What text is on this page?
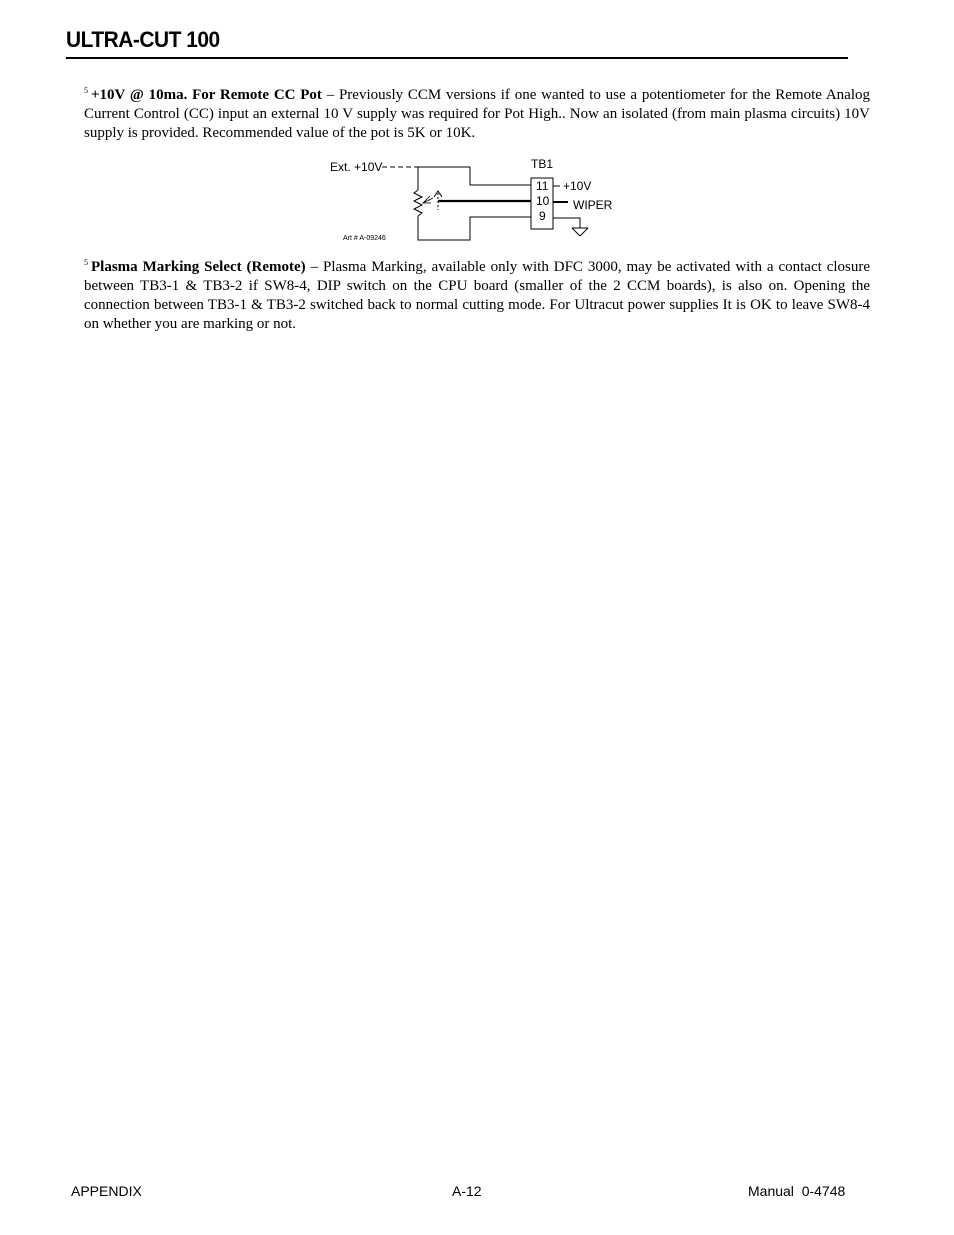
ULTRA-CUT 100

$^5$ +10V @ 10ma. For Remote CC Pot – Previously CCM versions if one wanted to use a potentiometer for the Remote Analog Current Control (CC) input an external 10 V supply was required for Pot High.. Now an isolated (from main plasma circuits) 10V supply is provided. Recommended value of the pot is 5K or 10K.

Ext. +10V	TB1
11
10
9
+10V
WIPER
Art # A-09246

$^5$ Plasma Marking Select (Remote) – Plasma Marking, available only with DFC 3000, may be activated with a contact closure between TB3-1 & TB3-2 if SW8-4, DIP switch on the CPU board (smaller of the 2 CCM boards), is also on. Opening the connection between TB3-1 & TB3-2 switched back to normal cutting mode. For Ultracut power supplies It is OK to leave SW8-4 on whether you are marking or not.

APPENDIX	A-12	Manual  0-4748
